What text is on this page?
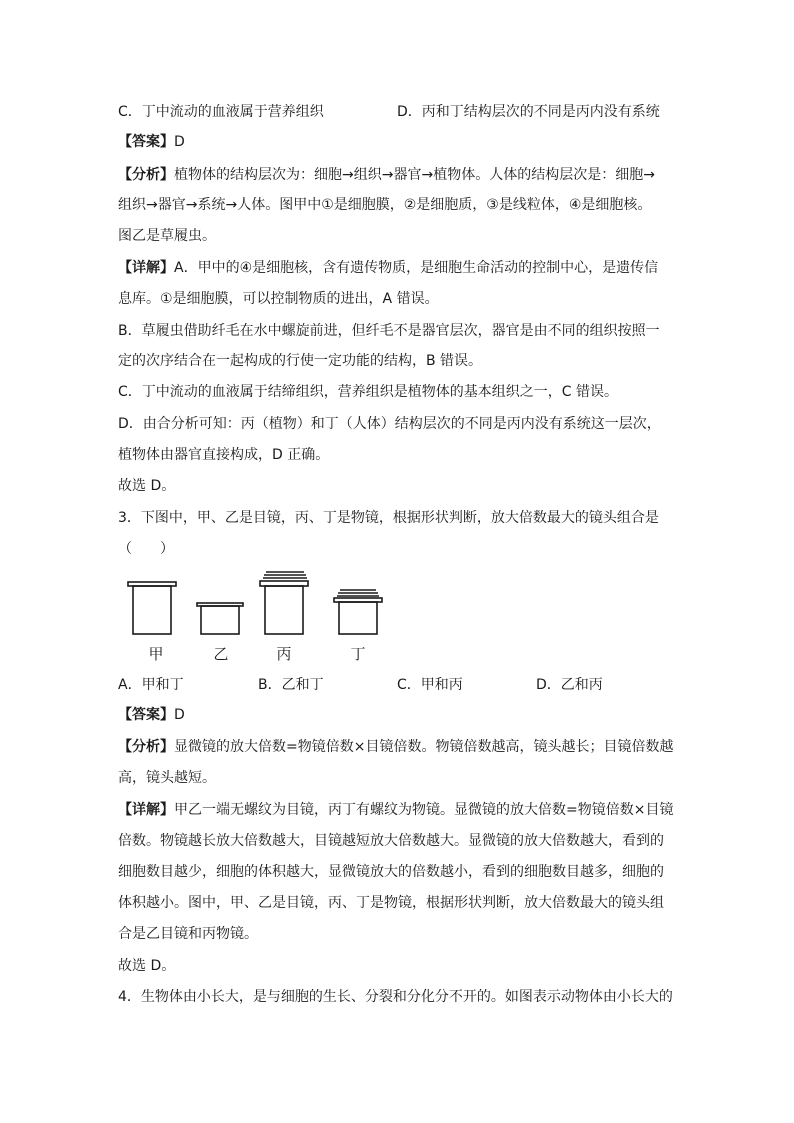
C．丁中流动的血液属于营养组织	D．丙和丁结构层次的不同是丙内没有系统
【答案】D
【分析】植物体的结构层次为：细胞→组织→器官→植物体。人体的结构层次是：细胞→
组织→器官→系统→人体。图甲中①是细胞膜，②是细胞质，③是线粒体，④是细胞核。
图乙是草履虫。
【详解】A．甲中的④是细胞核，含有遗传物质，是细胞生命活动的控制中心，是遗传信
息库。①是细胞膜，可以控制物质的进出，A 错误。
B．草履虫借助纤毛在水中螺旋前进，但纤毛不是器官层次，器官是由不同的组织按照一
定的次序结合在一起构成的行使一定功能的结构，B 错误。
C．丁中流动的血液属于结缔组织，营养组织是植物体的基本组织之一，C 错误。
D．由合分析可知：丙（植物）和丁（人体）结构层次的不同是丙内没有系统这一层次，
植物体由器官直接构成，D 正确。
故选 D。
3．下图中，甲、乙是目镜，丙、丁是物镜，根据形状判断，放大倍数最大的镜头组合是
（　　）
甲	乙	丙	丁
A．甲和丁	B．乙和丁	C．甲和丙	D．乙和丙
【答案】D
【分析】显微镜的放大倍数=物镜倍数×目镜倍数。物镜倍数越高，镜头越长；目镜倍数越
高，镜头越短。
【详解】甲乙一端无螺纹为目镜，丙丁有螺纹为物镜。显微镜的放大倍数=物镜倍数×目镜
倍数。物镜越长放大倍数越大，目镜越短放大倍数越大。显微镜的放大倍数越大，看到的
细胞数目越少，细胞的体积越大，显微镜放大的倍数越小，看到的细胞数目越多，细胞的
体积越小。图中，甲、乙是目镜，丙、丁是物镜，根据形状判断，放大倍数最大的镜头组
合是乙目镜和丙物镜。
故选 D。
4．生物体由小长大，是与细胞的生长、分裂和分化分不开的。如图表示动物体由小长大的
